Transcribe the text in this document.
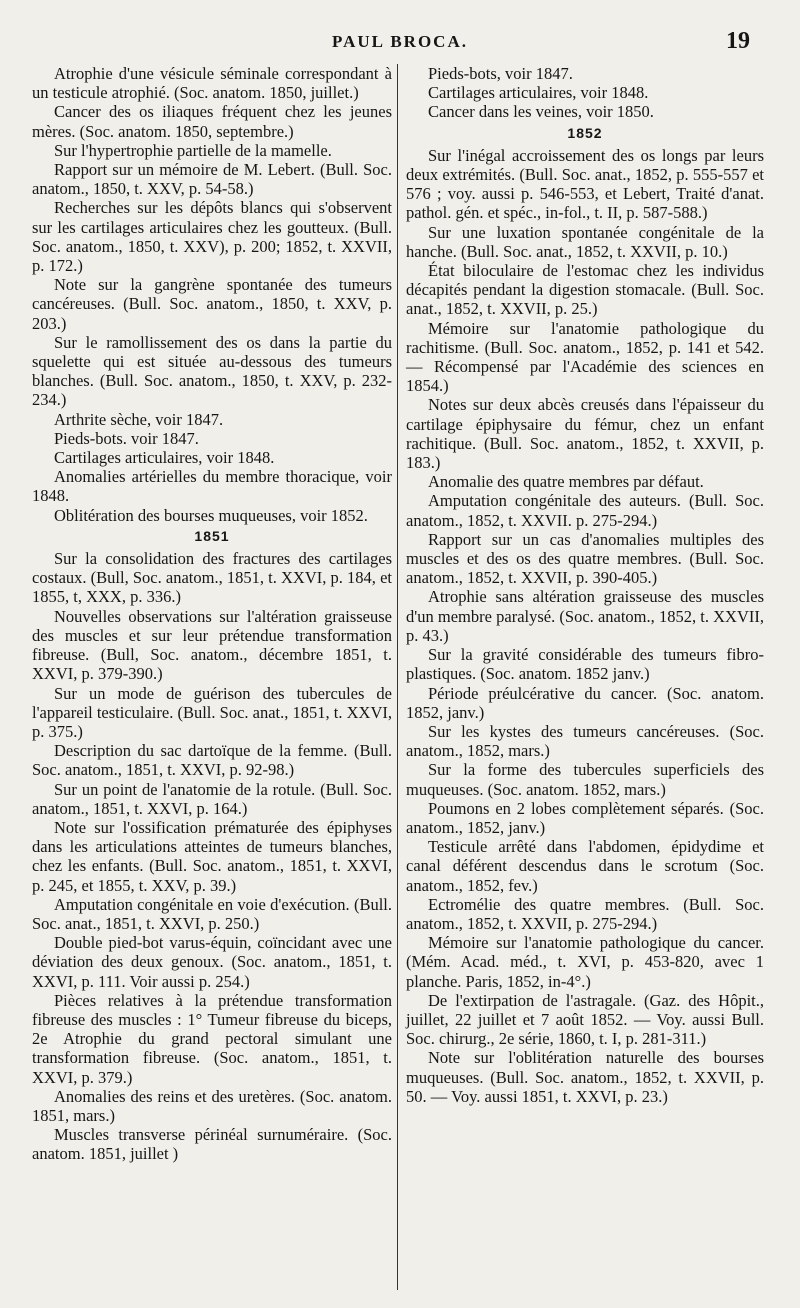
PAUL BROCA.	19

Atrophie d'une vésicule séminale correspondant à un testicule atrophié. (Soc. anatom. 1850, juillet.)

Cancer des os iliaques fréquent chez les jeunes mères. (Soc. anatom. 1850, septembre.)

Sur l'hypertrophie partielle de la mamelle.

Rapport sur un mémoire de M. Lebert. (Bull. Soc. anatom., 1850, t. XXV, p. 54-58.)

Recherches sur les dépôts blancs qui s'observent sur les cartilages articulaires chez les goutteux. (Bull. Soc. anatom., 1850, t. XXV), p. 200; 1852, t. XXVII, p. 172.)

Note sur la gangrène spontanée des tumeurs cancéreuses. (Bull. Soc. anatom., 1850, t. XXV, p. 203.)

Sur le ramollissement des os dans la partie du squelette qui est située au-dessous des tumeurs blanches. (Bull. Soc. anatom., 1850, t. XXV, p. 232-234.)

Arthrite sèche, voir 1847.

Pieds-bots. voir 1847.

Cartilages articulaires, voir 1848.

Anomalies artérielles du membre thoracique, voir 1848.

Oblitération des bourses muqueuses, voir 1852.

1851

Sur la consolidation des fractures des cartilages costaux. (Bull, Soc. anatom., 1851, t. XXVI, p. 184, et 1855, t, XXX, p. 336.)

Nouvelles observations sur l'altération graisseuse des muscles et sur leur prétendue transformation fibreuse. (Bull, Soc. anatom., décembre 1851, t. XXVI, p. 379-390.)

Sur un mode de guérison des tubercules de l'appareil testiculaire. (Bull. Soc. anat., 1851, t. XXVI, p. 375.)

Description du sac dartoïque de la femme. (Bull. Soc. anatom., 1851, t. XXVI, p. 92-98.)

Sur un point de l'anatomie de la rotule. (Bull. Soc. anatom., 1851, t. XXVI, p. 164.)

Note sur l'ossification prématurée des épiphyses dans les articulations atteintes de tumeurs blanches, chez les enfants. (Bull. Soc. anatom., 1851, t. XXVI, p. 245, et 1855, t. XXV, p. 39.)

Amputation congénitale en voie d'exécution. (Bull. Soc. anat., 1851, t. XXVI, p. 250.)

Double pied-bot varus-équin, coïncidant avec une déviation des deux genoux. (Soc. anatom., 1851, t. XXVI, p. 111. Voir aussi p. 254.)

Pièces relatives à la prétendue transformation fibreuse des muscles : 1° Tumeur fibreuse du biceps, 2e Atrophie du grand pectoral simulant une transformation fibreuse. (Soc. anatom., 1851, t. XXVI, p. 379.)

Anomalies des reins et des uretères. (Soc. anatom. 1851, mars.)

Muscles transverse périnéal surnuméraire. (Soc. anatom. 1851, juillet )

Pieds-bots, voir 1847.

Cartilages articulaires, voir 1848.

Cancer dans les veines, voir 1850.

1852

Sur l'inégal accroissement des os longs par leurs deux extrémités. (Bull. Soc. anat., 1852, p. 555-557 et 576 ; voy. aussi p. 546-553, et Lebert, Traité d'anat. pathol. gén. et spéc., in-fol., t. II, p. 587-588.)

Sur une luxation spontanée congénitale de la hanche. (Bull. Soc. anat., 1852, t. XXVII, p. 10.)

État biloculaire de l'estomac chez les individus décapités pendant la digestion stomacale. (Bull. Soc. anat., 1852, t. XXVII, p. 25.)

Mémoire sur l'anatomie pathologique du rachitisme. (Bull. Soc. anatom., 1852, p. 141 et 542. — Récompensé par l'Académie des sciences en 1854.)

Notes sur deux abcès creusés dans l'épaisseur du cartilage épiphysaire du fémur, chez un enfant rachitique. (Bull. Soc. anatom., 1852, t. XXVII, p. 183.)

Anomalie des quatre membres par défaut.

Amputation congénitale des auteurs. (Bull. Soc. anatom., 1852, t. XXVII. p. 275-294.)

Rapport sur un cas d'anomalies multiples des muscles et des os des quatre membres. (Bull. Soc. anatom., 1852, t. XXVII, p. 390-405.)

Atrophie sans altération graisseuse des muscles d'un membre paralysé. (Soc. anatom., 1852, t. XXVII, p. 43.)

Sur la gravité considérable des tumeurs fibro-plastiques. (Soc. anatom. 1852 janv.)

Période préulcérative du cancer. (Soc. anatom. 1852, janv.)

Sur les kystes des tumeurs cancéreuses. (Soc. anatom., 1852, mars.)

Sur la forme des tubercules superficiels des muqueuses. (Soc. anatom. 1852, mars.)

Poumons en 2 lobes complètement séparés. (Soc. anatom., 1852, janv.)

Testicule arrêté dans l'abdomen, épidydime et canal déférent descendus dans le scrotum (Soc. anatom., 1852, fev.)

Ectromélie des quatre membres. (Bull. Soc. anatom., 1852, t. XXVII, p. 275-294.)

Mémoire sur l'anatomie pathologique du cancer. (Mém. Acad. méd., t. XVI, p. 453-820, avec 1 planche. Paris, 1852, in-4°.)

De l'extirpation de l'astragale. (Gaz. des Hôpit., juillet, 22 juillet et 7 août 1852. — Voy. aussi Bull. Soc. chirurg., 2e série, 1860, t. I, p. 281-311.)

Note sur l'oblitération naturelle des bourses muqueuses. (Bull. Soc. anatom., 1852, t. XXVII, p. 50. — Voy. aussi 1851, t. XXVI, p. 23.)
